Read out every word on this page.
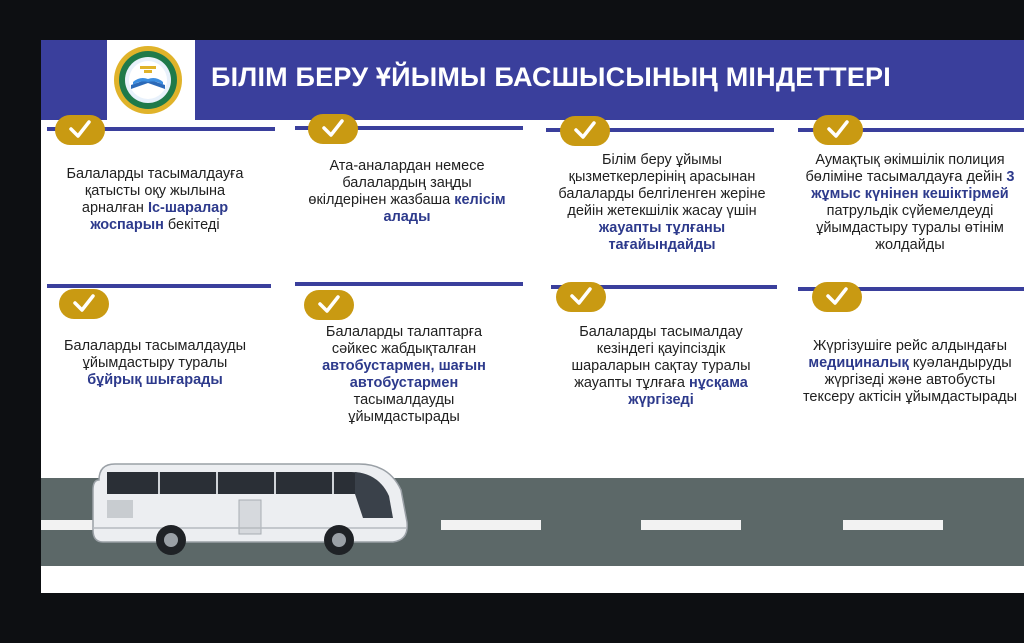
БІЛІМ БЕРУ ҰЙЫМЫ БАСШЫСЫНЫҢ МІНДЕТТЕРІ
Балаларды тасымалдауға қатысты оқу жылына арналған Іс-шаралар жоспарын бекітеді
Ата-аналардан немесе балалардың заңды өкілдерінен жазбаша келісім алады
Білім беру ұйымы қызметкерлерінің арасынан балаларды белгіленген жеріне дейін жетекшілік жасау үшін жауапты тұлғаны тағайындайды
Аумақтық әкімшілік полиция бөліміне тасымалдауға дейін 3 жұмыс күнінен кешіктірмей патрульдік сүйемелдеуді ұйымдастыру туралы өтінім жолдайды
Балаларды тасымалдауды ұйымдастыру туралы бұйрық шығарады
Балаларды талаптарға сәйкес жабдықталған автобустармен, шағын автобустармен тасымалдауды ұйымдастырады
Балаларды тасымалдау кезіндегі қауіпсіздік шараларын сақтау туралы жауапты тұлғаға нұсқама жүргізеді
Жүргізушіге рейс алдындағы медициналық куәландыруды жүргізеді және автобусты тексеру актісін ұйымдастырады
